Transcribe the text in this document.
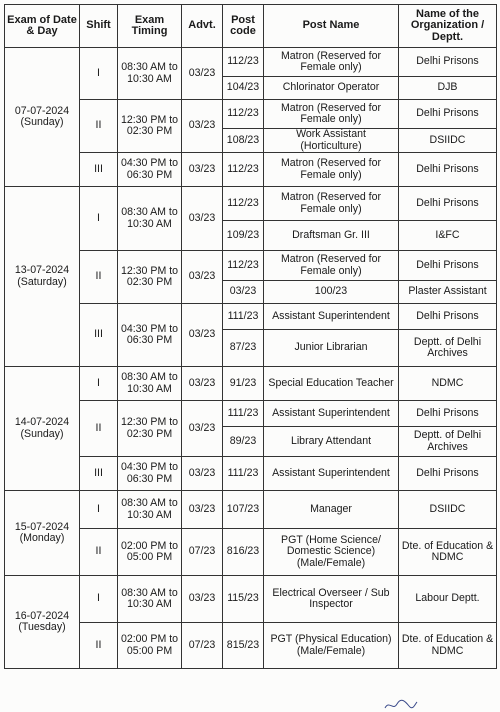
Exam of Date & Day	Shift	Exam Timing	Advt.	Post code	Post Name	Name of the Organization / Deptt.	
07-07-2024 (Sunday)	I	08:30 AM to 10:30 AM	03/23	112/23	Matron (Reserved for Female only)	Delhi Prisons	
				104/23	Chlorinator Operator	DJB	
	II	12:30 PM to 02:30 PM	03/23	112/23	Matron (Reserved for Female only)	Delhi Prisons	
				108/23	Work Assistant (Horticulture)	DSIIDC	
	III	04:30 PM to 06:30 PM	03/23	112/23	Matron (Reserved for Female only)	Delhi Prisons	
13-07-2024 (Saturday)	I	08:30 AM to 10:30 AM	03/23	112/23	Matron (Reserved for Female only)	Delhi Prisons	
				109/23	Draftsman Gr. III	I&FC	
	II	12:30 PM to 02:30 PM	03/23	112/23	Matron (Reserved for Female only)	Delhi Prisons	
				03/23	100/23	Plaster Assistant	
	III	04:30 PM to 06:30 PM	03/23	111/23	Assistant Superintendent	Delhi Prisons	
				87/23	Junior Librarian	Deptt. of Delhi Archives	
14-07-2024 (Sunday)	I	08:30 AM to 10:30 AM	03/23	91/23	Special Education Teacher	NDMC	
	II	12:30 PM to 02:30 PM	03/23	111/23	Assistant Superintendent	Delhi Prisons	
				89/23	Library Attendant	Deptt. of Delhi Archives	
	III	04:30 PM to 06:30 PM	03/23	111/23	Assistant Superintendent	Delhi Prisons	
15-07-2024 (Monday)	I	08:30 AM to 10:30 AM	03/23	107/23	Manager	DSIIDC	
	II	02:00 PM to 05:00 PM	07/23	816/23	PGT (Home Science/ Domestic Science) (Male/Female)	Dte. of Education & NDMC	
16-07-2024 (Tuesday)	I	08:30 AM to 10:30 AM	03/23	115/23	Electrical Overseer / Sub Inspector	Labour Deptt.	
	II	02:00 PM to 05:00 PM	07/23	815/23	PGT (Physical Education) (Male/Female)	Dte. of Education & NDMC	
